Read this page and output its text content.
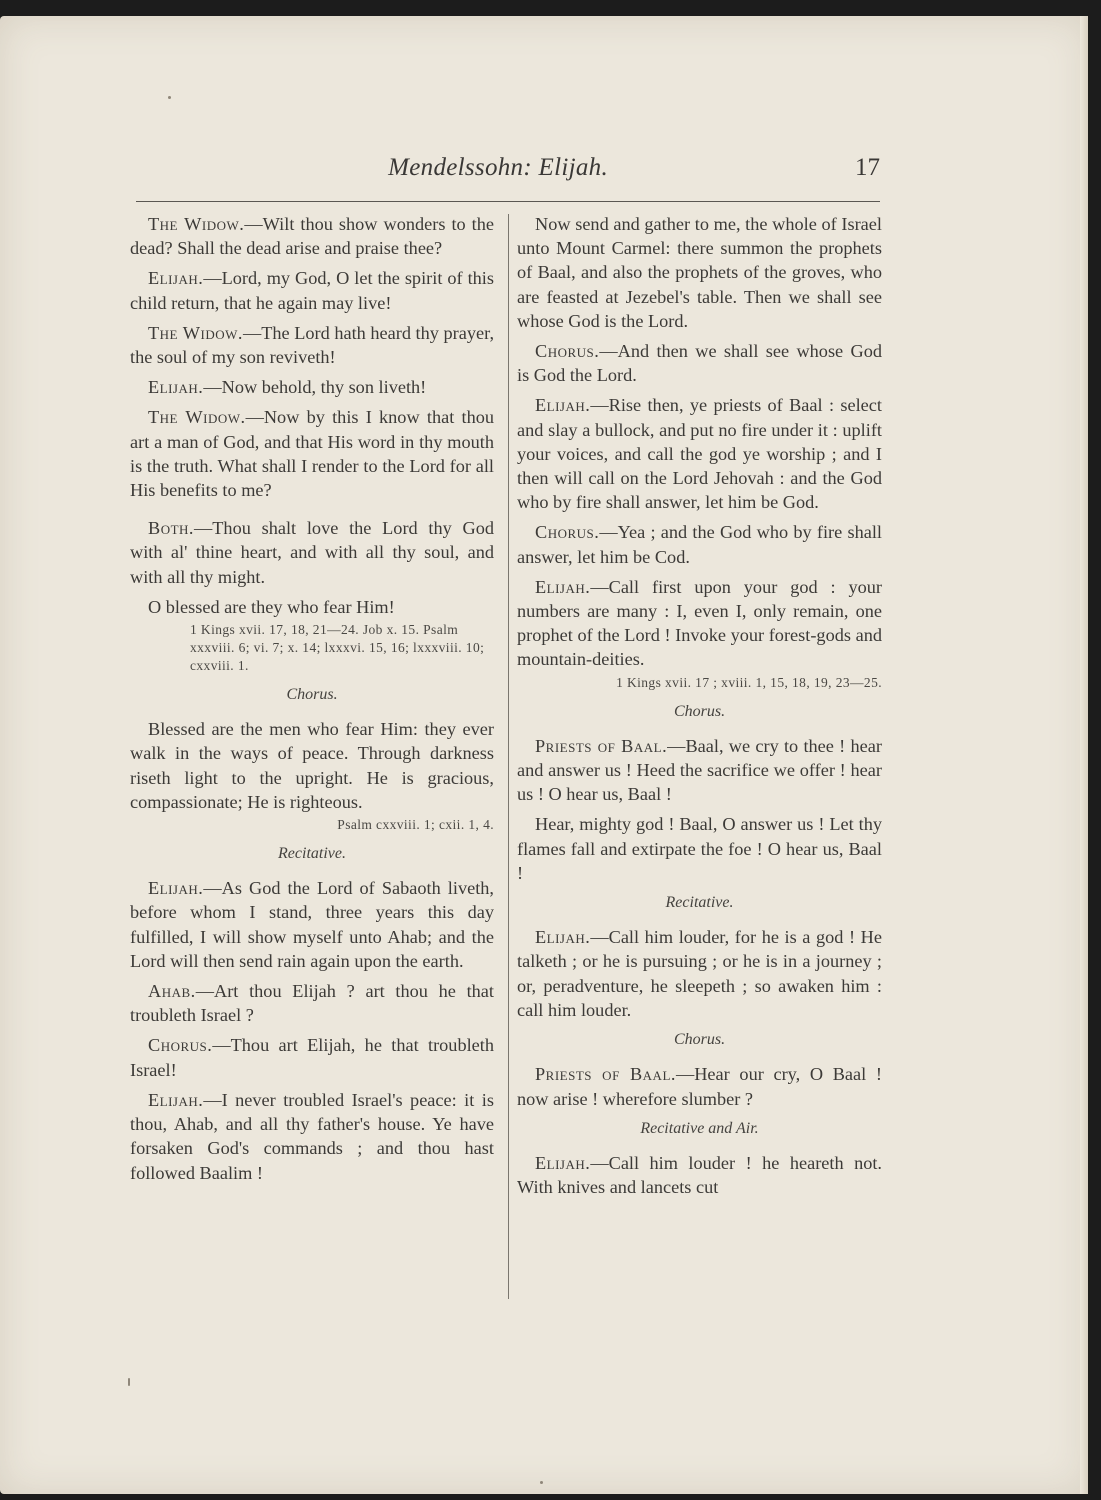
Mendelssohn: Elijah.	17

The Widow.—Wilt thou show wonders to the dead? Shall the dead arise and praise thee?

Elijah.—Lord, my God, O let the spirit of this child return, that he again may live!

The Widow.—The Lord hath heard thy prayer, the soul of my son reviveth!

Elijah.—Now behold, thy son liveth!

The Widow.—Now by this I know that thou art a man of God, and that His word in thy mouth is the truth. What shall I render to the Lord for all His benefits to me?

Both.—Thou shalt love the Lord thy God with al' thine heart, and with all thy soul, and with all thy might.

O blessed are they who fear Him!

1 Kings xvii. 17, 18, 21—24. Job x. 15. Psalm xxxviii. 6; vi. 7; x. 14; lxxxvi. 15, 16; lxxxviii. 10; cxxviii. 1.

Chorus.

Blessed are the men who fear Him: they ever walk in the ways of peace. Through darkness riseth light to the upright. He is gracious, compassionate; He is righteous.

Psalm cxxviii. 1; cxii. 1, 4.

Recitative.

Elijah.—As God the Lord of Sabaoth liveth, before whom I stand, three years this day fulfilled, I will show myself unto Ahab; and the Lord will then send rain again upon the earth.

Ahab.—Art thou Elijah ? art thou he that troubleth Israel ?

Chorus.—Thou art Elijah, he that troubleth Israel!

Elijah.—I never troubled Israel's peace: it is thou, Ahab, and all thy father's house. Ye have forsaken God's commands ; and thou hast followed Baalim !

Now send and gather to me, the whole of Israel unto Mount Carmel: there summon the prophets of Baal, and also the prophets of the groves, who are feasted at Jezebel's table. Then we shall see whose God is the Lord.

Chorus.—And then we shall see whose God is God the Lord.

Elijah.—Rise then, ye priests of Baal : select and slay a bullock, and put no fire under it : uplift your voices, and call the god ye worship ; and I then will call on the Lord Jehovah : and the God who by fire shall answer, let him be God.

Chorus.—Yea ; and the God who by fire shall answer, let him be Cod.

Elijah.—Call first upon your god : your numbers are many : I, even I, only remain, one prophet of the Lord ! Invoke your forest-gods and mountain-deities.

1 Kings xvii. 17 ; xviii. 1, 15, 18, 19, 23—25.

Chorus.

Priests of Baal.—Baal, we cry to thee ! hear and answer us ! Heed the sacrifice we offer ! hear us ! O hear us, Baal !

Hear, mighty god ! Baal, O answer us ! Let thy flames fall and extirpate the foe ! O hear us, Baal !

Recitative.

Elijah.—Call him louder, for he is a god ! He talketh ; or he is pursuing ; or he is in a journey ; or, peradventure, he sleepeth ; so awaken him : call him louder.

Chorus.

Priests of Baal.—Hear our cry, O Baal ! now arise ! wherefore slumber ?

Recitative and Air.

Elijah.—Call him louder ! he heareth not. With knives and lancets cut
